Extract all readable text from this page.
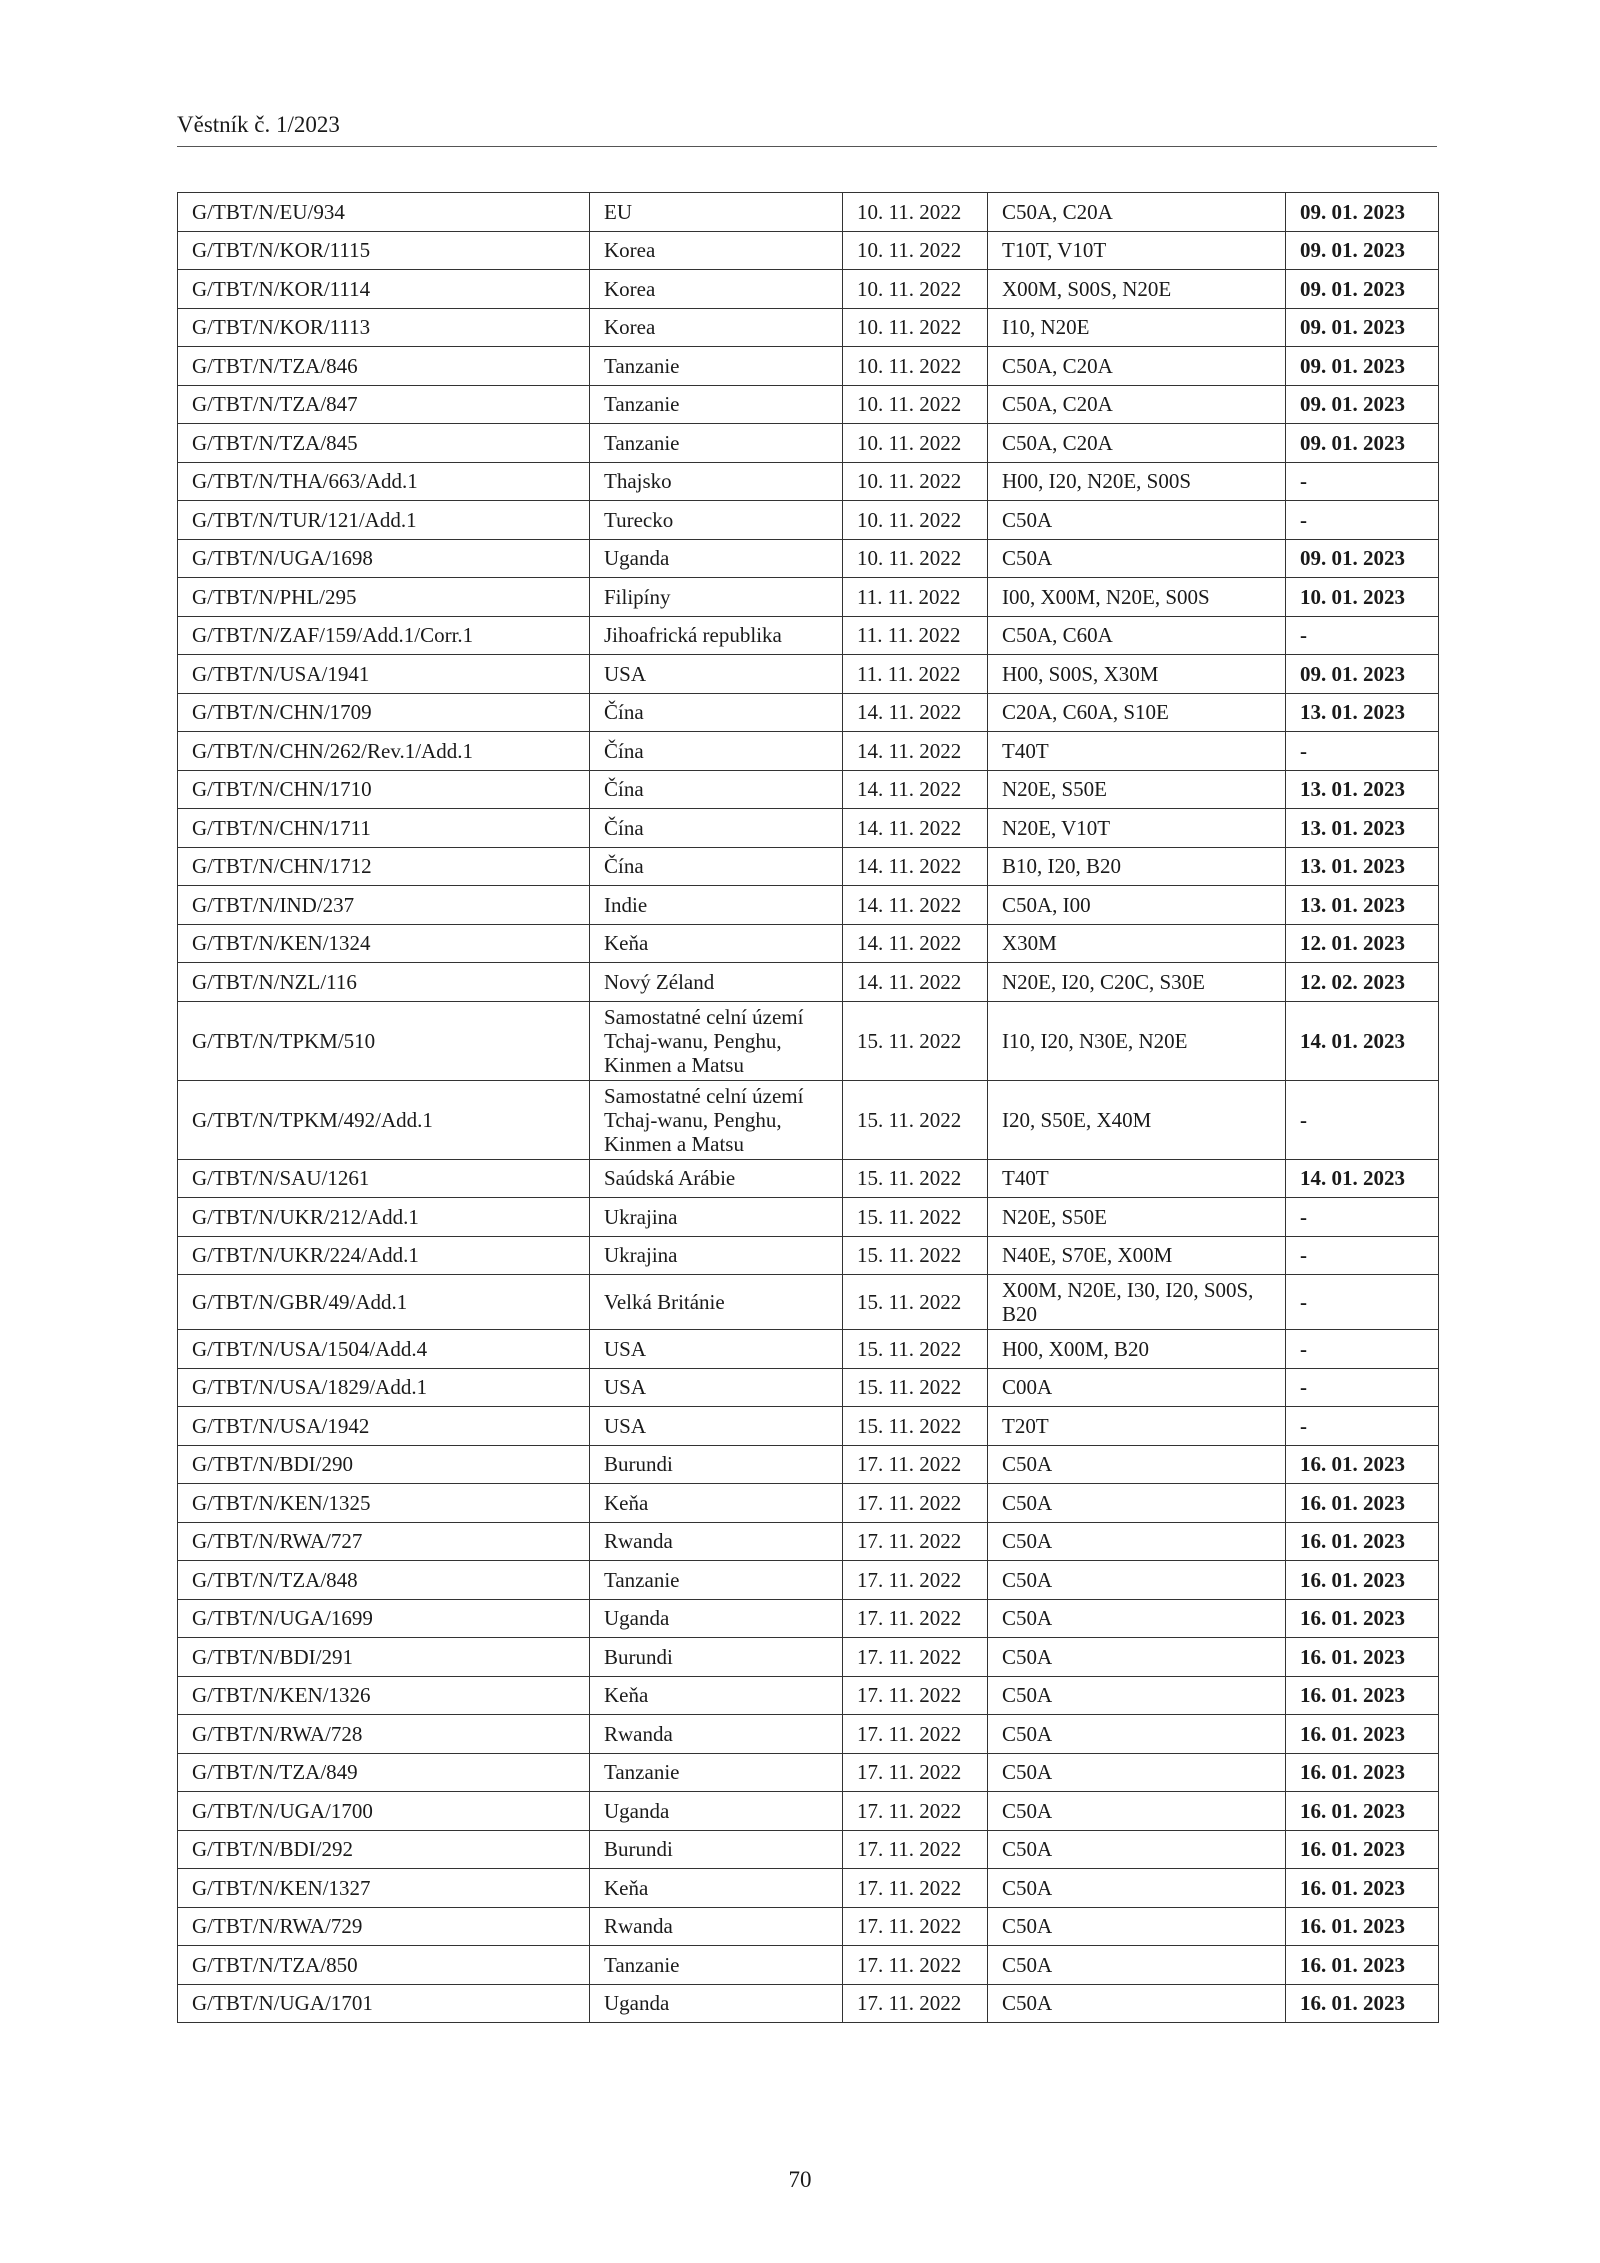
Věstník č. 1/2023
G/TBT/N/EU/934	EU	10. 11. 2022	C50A, C20A	09. 01. 2023
G/TBT/N/KOR/1115	Korea	10. 11. 2022	T10T, V10T	09. 01. 2023
G/TBT/N/KOR/1114	Korea	10. 11. 2022	X00M, S00S, N20E	09. 01. 2023
G/TBT/N/KOR/1113	Korea	10. 11. 2022	I10, N20E	09. 01. 2023
G/TBT/N/TZA/846	Tanzanie	10. 11. 2022	C50A, C20A	09. 01. 2023
G/TBT/N/TZA/847	Tanzanie	10. 11. 2022	C50A, C20A	09. 01. 2023
G/TBT/N/TZA/845	Tanzanie	10. 11. 2022	C50A, C20A	09. 01. 2023
G/TBT/N/THA/663/Add.1	Thajsko	10. 11. 2022	H00, I20, N20E, S00S	-
G/TBT/N/TUR/121/Add.1	Turecko	10. 11. 2022	C50A	-
G/TBT/N/UGA/1698	Uganda	10. 11. 2022	C50A	09. 01. 2023
G/TBT/N/PHL/295	Filipíny	11. 11. 2022	I00, X00M, N20E, S00S	10. 01. 2023
G/TBT/N/ZAF/159/Add.1/Corr.1	Jihoafrická republika	11. 11. 2022	C50A, C60A	-
G/TBT/N/USA/1941	USA	11. 11. 2022	H00, S00S, X30M	09. 01. 2023
G/TBT/N/CHN/1709	Čína	14. 11. 2022	C20A, C60A, S10E	13. 01. 2023
G/TBT/N/CHN/262/Rev.1/Add.1	Čína	14. 11. 2022	T40T	-
G/TBT/N/CHN/1710	Čína	14. 11. 2022	N20E, S50E	13. 01. 2023
G/TBT/N/CHN/1711	Čína	14. 11. 2022	N20E, V10T	13. 01. 2023
G/TBT/N/CHN/1712	Čína	14. 11. 2022	B10, I20, B20	13. 01. 2023
G/TBT/N/IND/237	Indie	14. 11. 2022	C50A, I00	13. 01. 2023
G/TBT/N/KEN/1324	Keňa	14. 11. 2022	X30M	12. 01. 2023
G/TBT/N/NZL/116	Nový Zéland	14. 11. 2022	N20E, I20, C20C, S30E	12. 02. 2023
G/TBT/N/TPKM/510	Samostatné celní území Tchaj-wanu, Penghu, Kinmen a Matsu	15. 11. 2022	I10, I20, N30E, N20E	14. 01. 2023
G/TBT/N/TPKM/492/Add.1	Samostatné celní území Tchaj-wanu, Penghu, Kinmen a Matsu	15. 11. 2022	I20, S50E, X40M	-
G/TBT/N/SAU/1261	Saúdská Arábie	15. 11. 2022	T40T	14. 01. 2023
G/TBT/N/UKR/212/Add.1	Ukrajina	15. 11. 2022	N20E, S50E	-
G/TBT/N/UKR/224/Add.1	Ukrajina	15. 11. 2022	N40E, S70E, X00M	-
G/TBT/N/GBR/49/Add.1	Velká Británie	15. 11. 2022	X00M, N20E, I30, I20, S00S, B20	-
G/TBT/N/USA/1504/Add.4	USA	15. 11. 2022	H00, X00M, B20	-
G/TBT/N/USA/1829/Add.1	USA	15. 11. 2022	C00A	-
G/TBT/N/USA/1942	USA	15. 11. 2022	T20T	-
G/TBT/N/BDI/290	Burundi	17. 11. 2022	C50A	16. 01. 2023
G/TBT/N/KEN/1325	Keňa	17. 11. 2022	C50A	16. 01. 2023
G/TBT/N/RWA/727	Rwanda	17. 11. 2022	C50A	16. 01. 2023
G/TBT/N/TZA/848	Tanzanie	17. 11. 2022	C50A	16. 01. 2023
G/TBT/N/UGA/1699	Uganda	17. 11. 2022	C50A	16. 01. 2023
G/TBT/N/BDI/291	Burundi	17. 11. 2022	C50A	16. 01. 2023
G/TBT/N/KEN/1326	Keňa	17. 11. 2022	C50A	16. 01. 2023
G/TBT/N/RWA/728	Rwanda	17. 11. 2022	C50A	16. 01. 2023
G/TBT/N/TZA/849	Tanzanie	17. 11. 2022	C50A	16. 01. 2023
G/TBT/N/UGA/1700	Uganda	17. 11. 2022	C50A	16. 01. 2023
G/TBT/N/BDI/292	Burundi	17. 11. 2022	C50A	16. 01. 2023
G/TBT/N/KEN/1327	Keňa	17. 11. 2022	C50A	16. 01. 2023
G/TBT/N/RWA/729	Rwanda	17. 11. 2022	C50A	16. 01. 2023
G/TBT/N/TZA/850	Tanzanie	17. 11. 2022	C50A	16. 01. 2023
G/TBT/N/UGA/1701	Uganda	17. 11. 2022	C50A	16. 01. 2023
70
